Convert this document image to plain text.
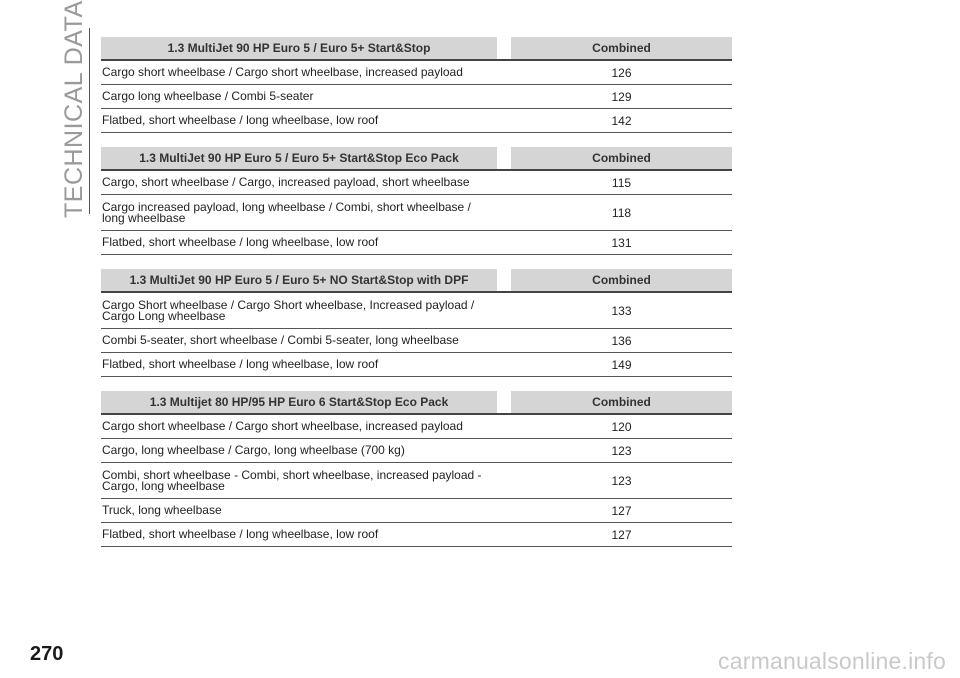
TECHNICAL DATA	1.3 MultiJet 90 HP Euro 5 / Euro 5+ Start&Stop		Combined
Cargo short wheelbase / Cargo short wheelbase, increased payload		126
Cargo long wheelbase / Combi 5-seater		129
Flatbed, short wheelbase / long wheelbase, low roof		142
1.3 MultiJet 90 HP Euro 5 / Euro 5+ Start&Stop Eco Pack		Combined
Cargo, short wheelbase / Cargo, increased payload, short wheelbase		115
Cargo increased payload, long wheelbase / Combi, short wheelbase / long wheelbase		118
Flatbed, short wheelbase / long wheelbase, low roof		131
1.3 MultiJet 90 HP Euro 5 / Euro 5+ NO Start&Stop with DPF		Combined
Cargo Short wheelbase / Cargo Short wheelbase, Increased payload / Cargo Long wheelbase		133
Combi 5-seater, short wheelbase / Combi 5-seater, long wheelbase		136
Flatbed, short wheelbase / long wheelbase, low roof		149
1.3 Multijet 80 HP/95 HP Euro 6 Start&Stop Eco Pack		Combined
Cargo short wheelbase / Cargo short wheelbase, increased payload		120
Cargo, long wheelbase / Cargo, long wheelbase (700 kg)		123
Combi, short wheelbase - Combi, short wheelbase, increased payload - Cargo, long wheelbase		123
Truck, long wheelbase		127
Flatbed, short wheelbase / long wheelbase, low roof		127
270	carmanualsonline.info
